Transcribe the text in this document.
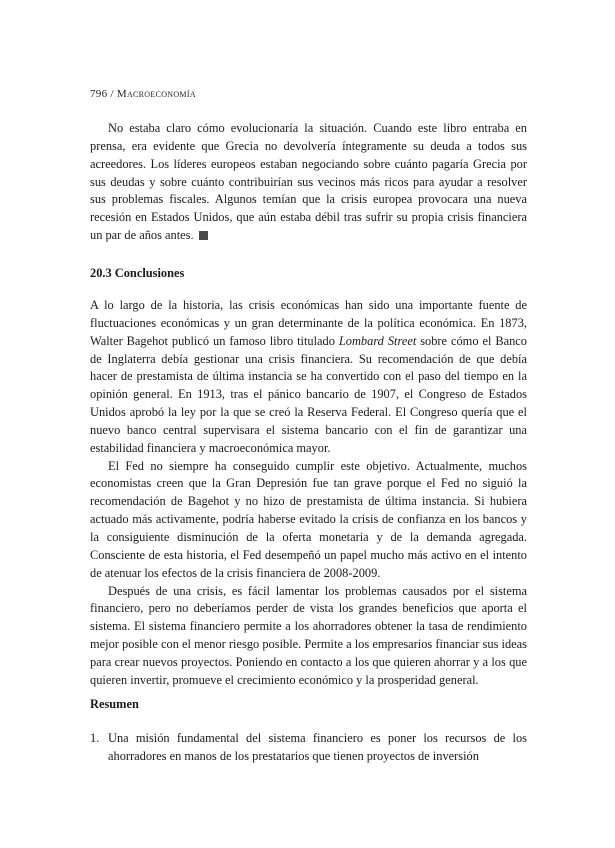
796 / Macroeconomía

No estaba claro cómo evolucionaría la situación. Cuando este libro entraba en prensa, era evidente que Grecia no devolvería íntegramente su deuda a todos sus acreedores. Los líderes europeos estaban negociando sobre cuánto pagaría Grecia por sus deudas y sobre cuánto contribuirían sus vecinos más ricos para ayudar a resolver sus problemas fiscales. Algunos temían que la crisis europea provocara una nueva recesión en Estados Unidos, que aún estaba débil tras sufrir su propia crisis financiera un par de años antes.

20.3 Conclusiones

A lo largo de la historia, las crisis económicas han sido una importante fuente de fluctuaciones económicas y un gran determinante de la política económica. En 1873, Walter Bagehot publicó un famoso libro titulado Lombard Street sobre cómo el Banco de Inglaterra debía gestionar una crisis financiera. Su recomendación de que debía hacer de prestamista de última instancia se ha convertido con el paso del tiempo en la opinión general. En 1913, tras el pánico bancario de 1907, el Congreso de Estados Unidos aprobó la ley por la que se creó la Reserva Federal. El Congreso quería que el nuevo banco central supervisara el sistema bancario con el fin de garantizar una estabilidad financiera y macroeconómica mayor.

El Fed no siempre ha conseguido cumplir este objetivo. Actualmente, muchos economistas creen que la Gran Depresión fue tan grave porque el Fed no siguió la recomendación de Bagehot y no hizo de prestamista de última instancia. Si hubiera actuado más activamente, podría haberse evitado la crisis de confianza en los bancos y la consiguiente disminución de la oferta monetaria y de la demanda agregada. Consciente de esta historia, el Fed desempeñó un papel mucho más activo en el intento de atenuar los efectos de la crisis financiera de 2008-2009.

Después de una crisis, es fácil lamentar los problemas causados por el sistema financiero, pero no deberíamos perder de vista los grandes beneficios que aporta el sistema. El sistema financiero permite a los ahorradores obtener la tasa de rendimiento mejor posible con el menor riesgo posible. Permite a los empresarios financiar sus ideas para crear nuevos proyectos. Poniendo en contacto a los que quieren ahorrar y a los que quieren invertir, promueve el crecimiento económico y la prosperidad general.

Resumen
1. Una misión fundamental del sistema financiero es poner los recursos de los ahorradores en manos de los prestatarios que tienen proyectos de inversión
